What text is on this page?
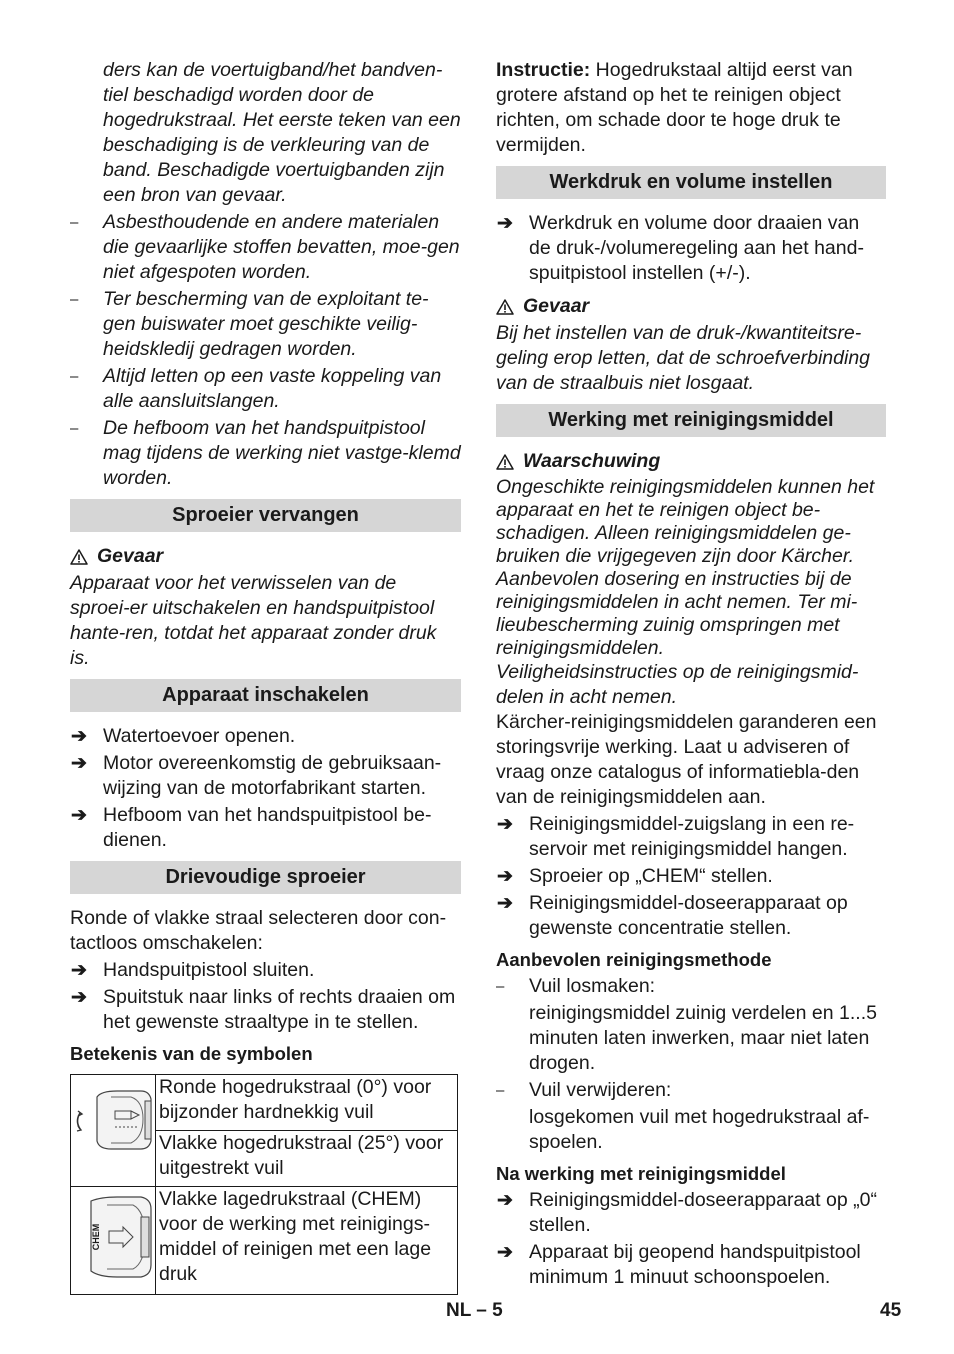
ders kan de voertuigband/het bandven-tiel beschadigd worden door de hogedrukstraal. Het eerste teken van een beschadiging is de verkleuring van de band. Beschadigde voertuigbanden zijn een bron van gevaar.

– Asbesthoudende en andere materialen die gevaarlijke stoffen bevatten, moe-gen niet afgespoten worden.
– Ter bescherming van de exploitant te-gen buiswater moet geschikte veilig-heidskledij gedragen worden.
– Altijd letten op een vaste koppeling van alle aansluitslangen.
– De hefboom van het handspuitpistool mag tijdens de werking niet vastge-klemd worden.
Sproeier vervangen
Gevaar

Apparaat voor het verwisselen van de sproei-er uitschakelen en handspuitpistool hante-ren, totdat het apparaat zonder druk is.

Apparaat inschakelen
➔ Watertoevoer openen.
➔ Motor overeenkomstig de gebruiksaan-wijzing van de motorfabrikant starten.
➔ Hefboom van het handspuitpistool be-dienen.
Drievoudige sproeier

Ronde of vlakke straal selecteren door con-tactloos omschakelen:

➔ Handspuitpistool sluiten.
➔ Spuitstuk naar links of rechts draaien om het gewenste straaltype in te stellen.
Betekenis van de symbolen
	Ronde hogedrukstraal (0°) voor bijzonder hardnekkig vuil
	Vlakke hogedrukstraal (25°) voor uitgestrekt vuil

CHEM	Vlakke lagedrukstraal (CHEM) voor de werking met reinigings-middel of reinigen met een lage druk

Instructie: Hogedrukstaal altijd eerst van grotere afstand op het te reinigen object richten, om schade door te hoge druk te vermijden.

Werkdruk en volume instellen
➔ Werkdruk en volume door draaien van de druk-/volumeregeling aan het hand-spuitpistool instellen (+/-).
Gevaar

Bij het instellen van de druk-/kwantiteitsre-geling erop letten, dat de schroefverbinding van de straalbuis niet losgaat.

Werking met reinigingsmiddel
Waarschuwing

Ongeschikte reinigingsmiddelen kunnen het apparaat en het te reinigen object be-schadigen. Alleen reinigingsmiddelen ge-bruiken die vrijgegeven zijn door Kärcher. Aanbevolen dosering en instructies bij de reinigingsmiddelen in acht nemen. Ter mi-lieubescherming zuinig omspringen met reinigingsmiddelen.

Veiligheidsinstructies op de reinigingsmid-delen in acht nemen.

Kärcher-reinigingsmiddelen garanderen een storingsvrije werking. Laat u adviseren of vraag onze catalogus of informatiebla-den van de reinigingsmiddelen aan.

➔ Reinigingsmiddel-zuigslang in een re-servoir met reinigingsmiddel hangen.
➔ Sproeier op „CHEM“ stellen.
➔ Reinigingsmiddel-doseerapparaat op gewenste concentratie stellen.
Aanbevolen reinigingsmethode
– Vuil losmaken:

reinigingsmiddel zuinig verdelen en 1...5 minuten laten inwerken, maar niet laten drogen.

– Vuil verwijderen:

losgekomen vuil met hogedrukstraal af-spoelen.

Na werking met reinigingsmiddel
➔ Reinigingsmiddel-doseerapparaat op „0“ stellen.
➔ Apparaat bij geopend handspuitpistool minimum 1 minuut schoonspoelen.
NL – 5	45
